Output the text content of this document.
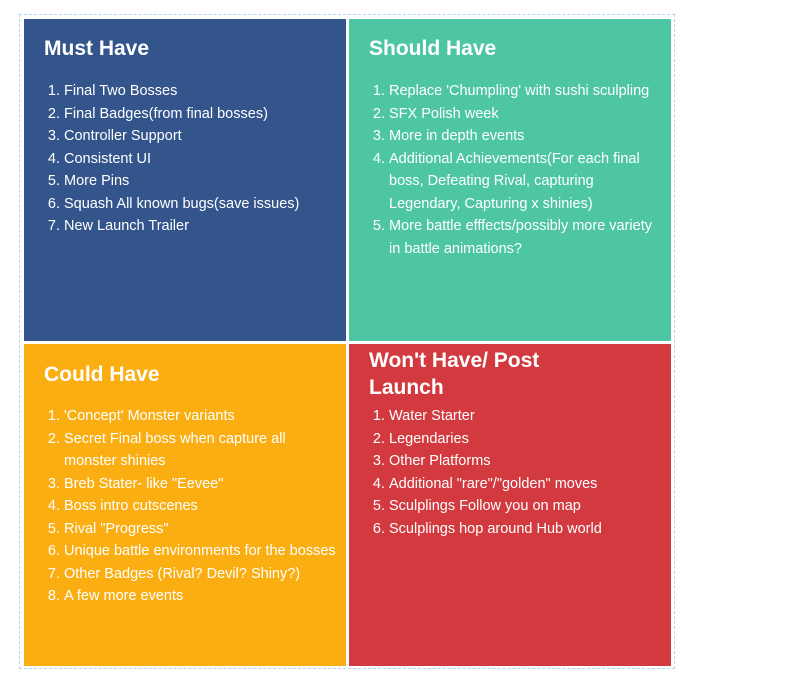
Must Have
1. Final Two Bosses
2. Final Badges(from final bosses)
3. Controller Support
4. Consistent UI
5. More Pins
6. Squash All known bugs(save issues)
7. New Launch Trailer
Should Have
1. Replace 'Chumpling' with sushi sculpling
2. SFX Polish week
3. More in depth events
4. Additional Achievements(For each final boss, Defeating Rival, capturing Legendary, Capturing x shinies)
5. More battle efffects/possibly more variety in battle animations?
Could Have
1. 'Concept' Monster variants
2. Secret Final boss when capture all monster shinies
3. Breb Stater- like "Eevee"
4. Boss intro cutscenes
5. Rival "Progress"
6. Unique battle environments for the bosses
7. Other Badges (Rival? Devil? Shiny?)
8. A few more events
Won't Have/ Post Launch
1. Water Starter
2. Legendaries
3. Other Platforms
4. Additional "rare"/"golden" moves
5. Sculplings Follow you on map
6. Sculplings hop around Hub world
